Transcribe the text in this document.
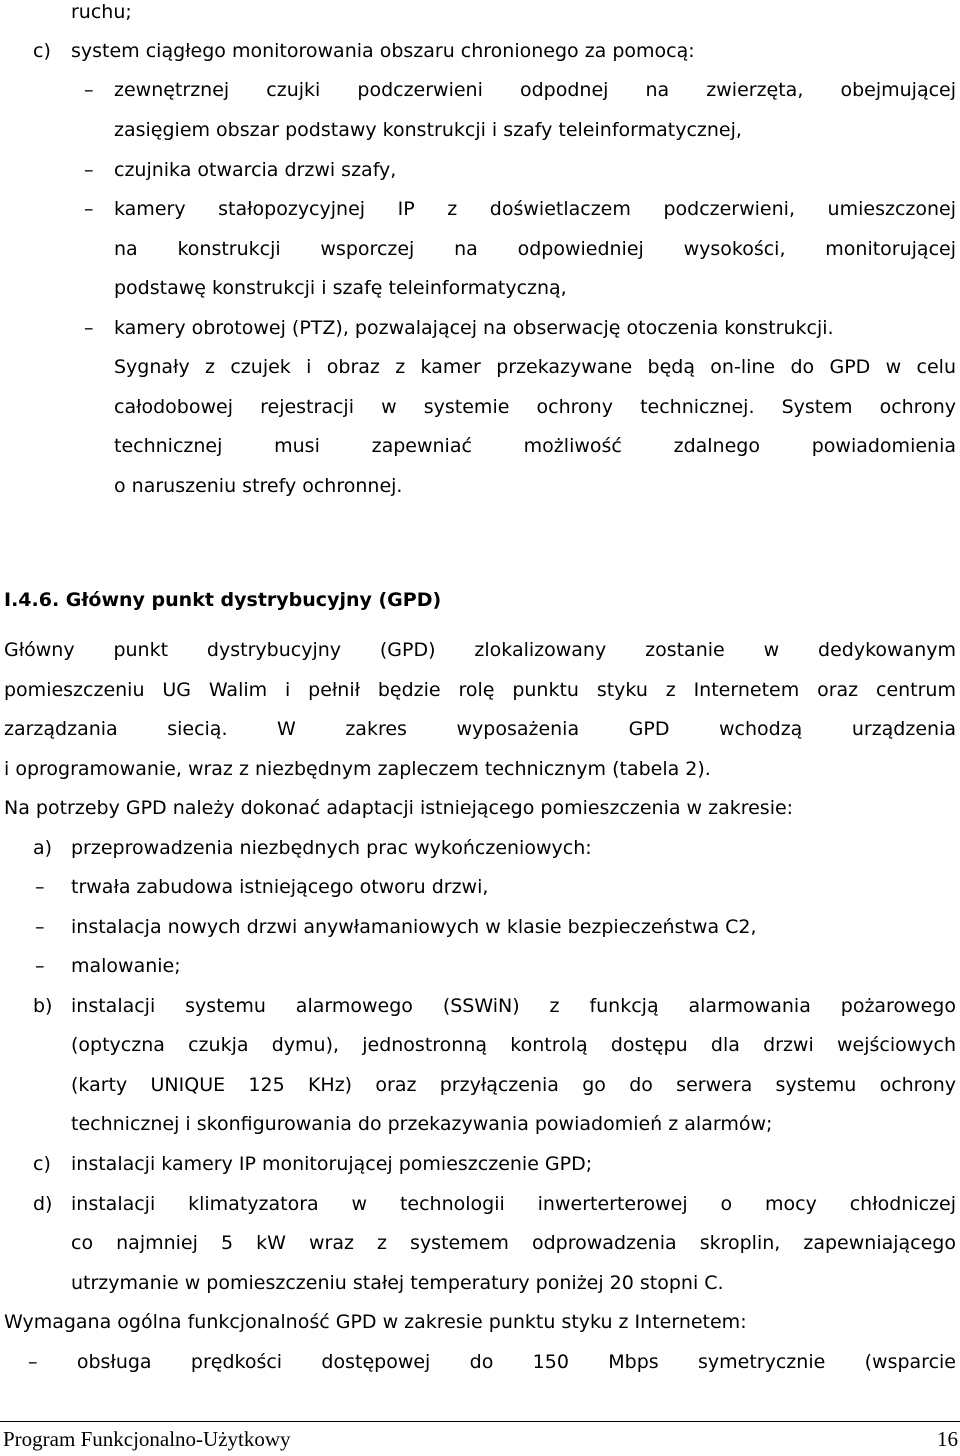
ruchu;
c) system ciągłego monitorowania obszaru chronionego za pomocą:
– zewnętrznej czujki podczerwieni odpodnej na zwierzęta, obejmującej
zasięgiem obszar podstawy konstrukcji i szafy teleinformatycznej,
– czujnika otwarcia drzwi szafy,
– kamery stałopozycyjnej IP z doświetlaczem podczerwieni, umieszczonej
na konstrukcji wsporczej na odpowiedniej wysokości, monitorującej
podstawę konstrukcji i szafę teleinformatyczną,
– kamery obrotowej (PTZ), pozwalającej na obserwację otoczenia konstrukcji.
Sygnały z czujek i obraz z kamer przekazywane będą on-line do GPD w celu
całodobowej rejestracji w systemie ochrony technicznej. System ochrony
technicznej musi zapewniać możliwość zdalnego powiadomienia
o naruszeniu strefy ochronnej.
I.4.6. Główny punkt dystrybucyjny (GPD)
Główny punkt dystrybucyjny (GPD) zlokalizowany zostanie w dedykowanym
pomieszczeniu UG Walim i pełnił będzie rolę punktu styku z Internetem oraz centrum
zarządzania siecią. W zakres wyposażenia GPD wchodzą urządzenia
i oprogramowanie, wraz z niezbędnym zapleczem technicznym (tabela 2).
Na potrzeby GPD należy dokonać adaptacji istniejącego pomieszczenia w zakresie:
a) przeprowadzenia niezbędnych prac wykończeniowych:
– trwała zabudowa istniejącego otworu drzwi,
– instalacja nowych drzwi anywłamaniowych w klasie bezpieczeństwa C2,
– malowanie;
b) instalacji systemu alarmowego (SSWiN) z funkcją alarmowania pożarowego
(optyczna czukja dymu), jednostronną kontrolą dostępu dla drzwi wejściowych
(karty UNIQUE 125 KHz) oraz przyłączenia go do serwera systemu ochrony
technicznej i skonfigurowania do przekazywania powiadomień z alarmów;
c) instalacji kamery IP monitorującej pomieszczenie GPD;
d) instalacji klimatyzatora w technologii inwerterterowej o mocy chłodniczej
co najmniej 5 kW wraz z systemem odprowadzenia skroplin, zapewniającego
utrzymanie w pomieszczeniu stałej temperatury poniżej 20 stopni C.
Wymagana ogólna funkcjonalność GPD w zakresie punktu styku z Internetem:
– obsługa prędkości dostępowej do 150 Mbps symetrycznie (wsparcie
Program Funkcjonalno-Użytkowy	16
